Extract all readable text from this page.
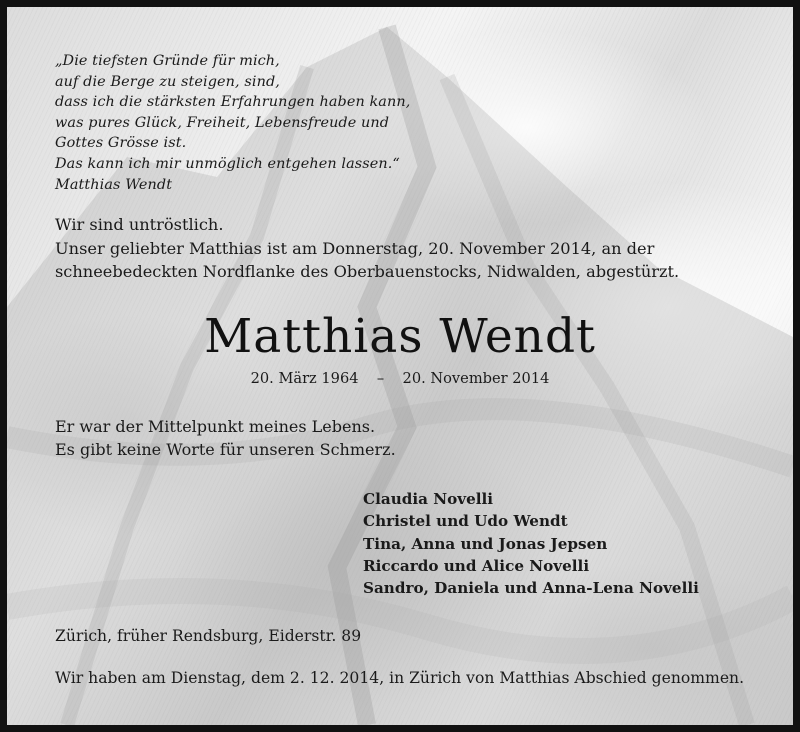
„Die tiefsten Gründe für mich,
auf die Berge zu steigen, sind,
dass ich die stärksten Erfahrungen haben kann,
was pures Glück, Freiheit, Lebensfreude und
Gottes Grösse ist.
Das kann ich mir unmöglich entgehen lassen.“
Matthias Wendt
Wir sind untröstlich.
Unser geliebter Matthias ist am Donnerstag, 20. November 2014, an der
schneebedeckten Nordflanke des Oberbauenstocks, Nidwalden, abgestürzt.
Matthias Wendt
20. März 1964 – 20. November 2014
Er war der Mittelpunkt meines Lebens.
Es gibt keine Worte für unseren Schmerz.
Claudia Novelli
Christel und Udo Wendt
Tina, Anna und Jonas Jepsen
Riccardo und Alice Novelli
Sandro, Daniela und Anna-Lena Novelli
Zürich, früher Rendsburg, Eiderstr. 89
Wir haben am Dienstag, dem 2. 12. 2014, in Zürich von Matthias Abschied genommen.
